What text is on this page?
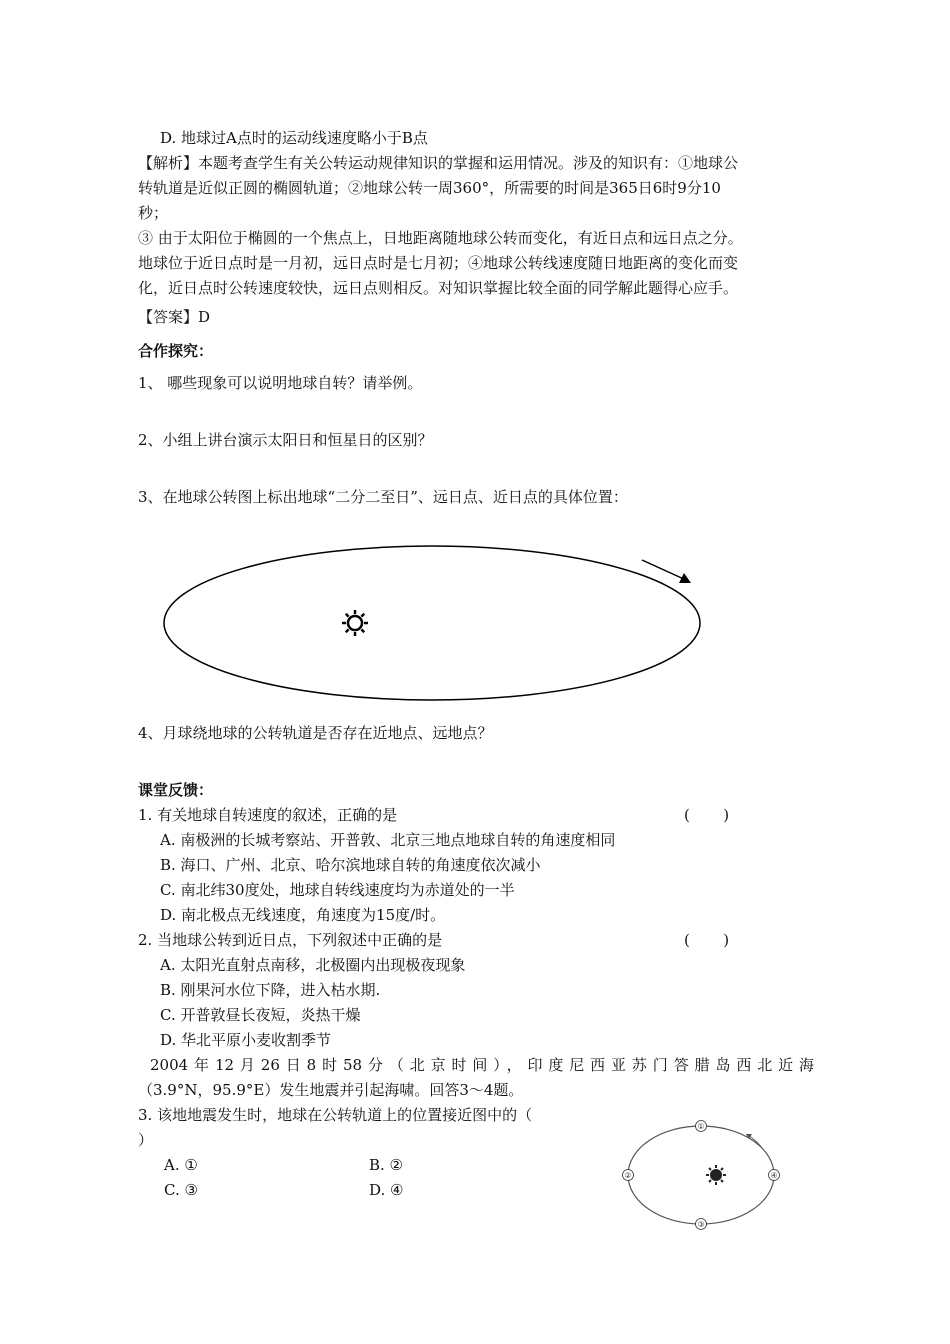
D. 地球过A点时的运动线速度略小于B点
【解析】本题考查学生有关公转运动规律知识的掌握和运用情况。涉及的知识有：①地球公
转轨道是近似正圆的椭圆轨道；②地球公转一周360°，所需要的时间是365日6时9分10
秒；
③ 由于太阳位于椭圆的一个焦点上，日地距离随地球公转而变化，有近日点和远日点之分。
地球位于近日点时是一月初，远日点时是七月初；④地球公转线速度随日地距离的变化而变
化，近日点时公转速度较快，远日点则相反。对知识掌握比较全面的同学解此题得心应手。
【答案】D
合作探究：
1、 哪些现象可以说明地球自转？请举例。
2、小组上讲台演示太阳日和恒星日的区别？
3、在地球公转图上标出地球“二分二至日”、远日点、近日点的具体位置：
4、月球绕地球的公转轨道是否存在近地点、远地点？
课堂反馈：
1. 有关地球自转速度的叙述，正确的是	(       )
A. 南极洲的长城考察站、开普敦、北京三地点地球自转的角速度相同
B. 海口、广州、北京、哈尔滨地球自转的角速度依次减小
C. 南北纬30度处，地球自转线速度均为赤道处的一半
D. 南北极点无线速度，角速度为15度/时。
2. 当地球公转到近日点，下列叙述中正确的是	(       )
A. 太阳光直射点南移，北极圈内出现极夜现象
B. 刚果河水位下降，进入枯水期.
C. 开普敦昼长夜短，炎热干燥
D. 华北平原小麦收割季节
2004年12月26日8时58分（北京时间），印度尼西亚苏门答腊岛西北近海
（3.9°N，95.9°E）发生地震并引起海啸。回答3～4题。
3. 该地地震发生时，地球在公转轨道上的位置接近图中的（
）
A. ①	B. ②
C. ③	D. ④
①
②
③
④
